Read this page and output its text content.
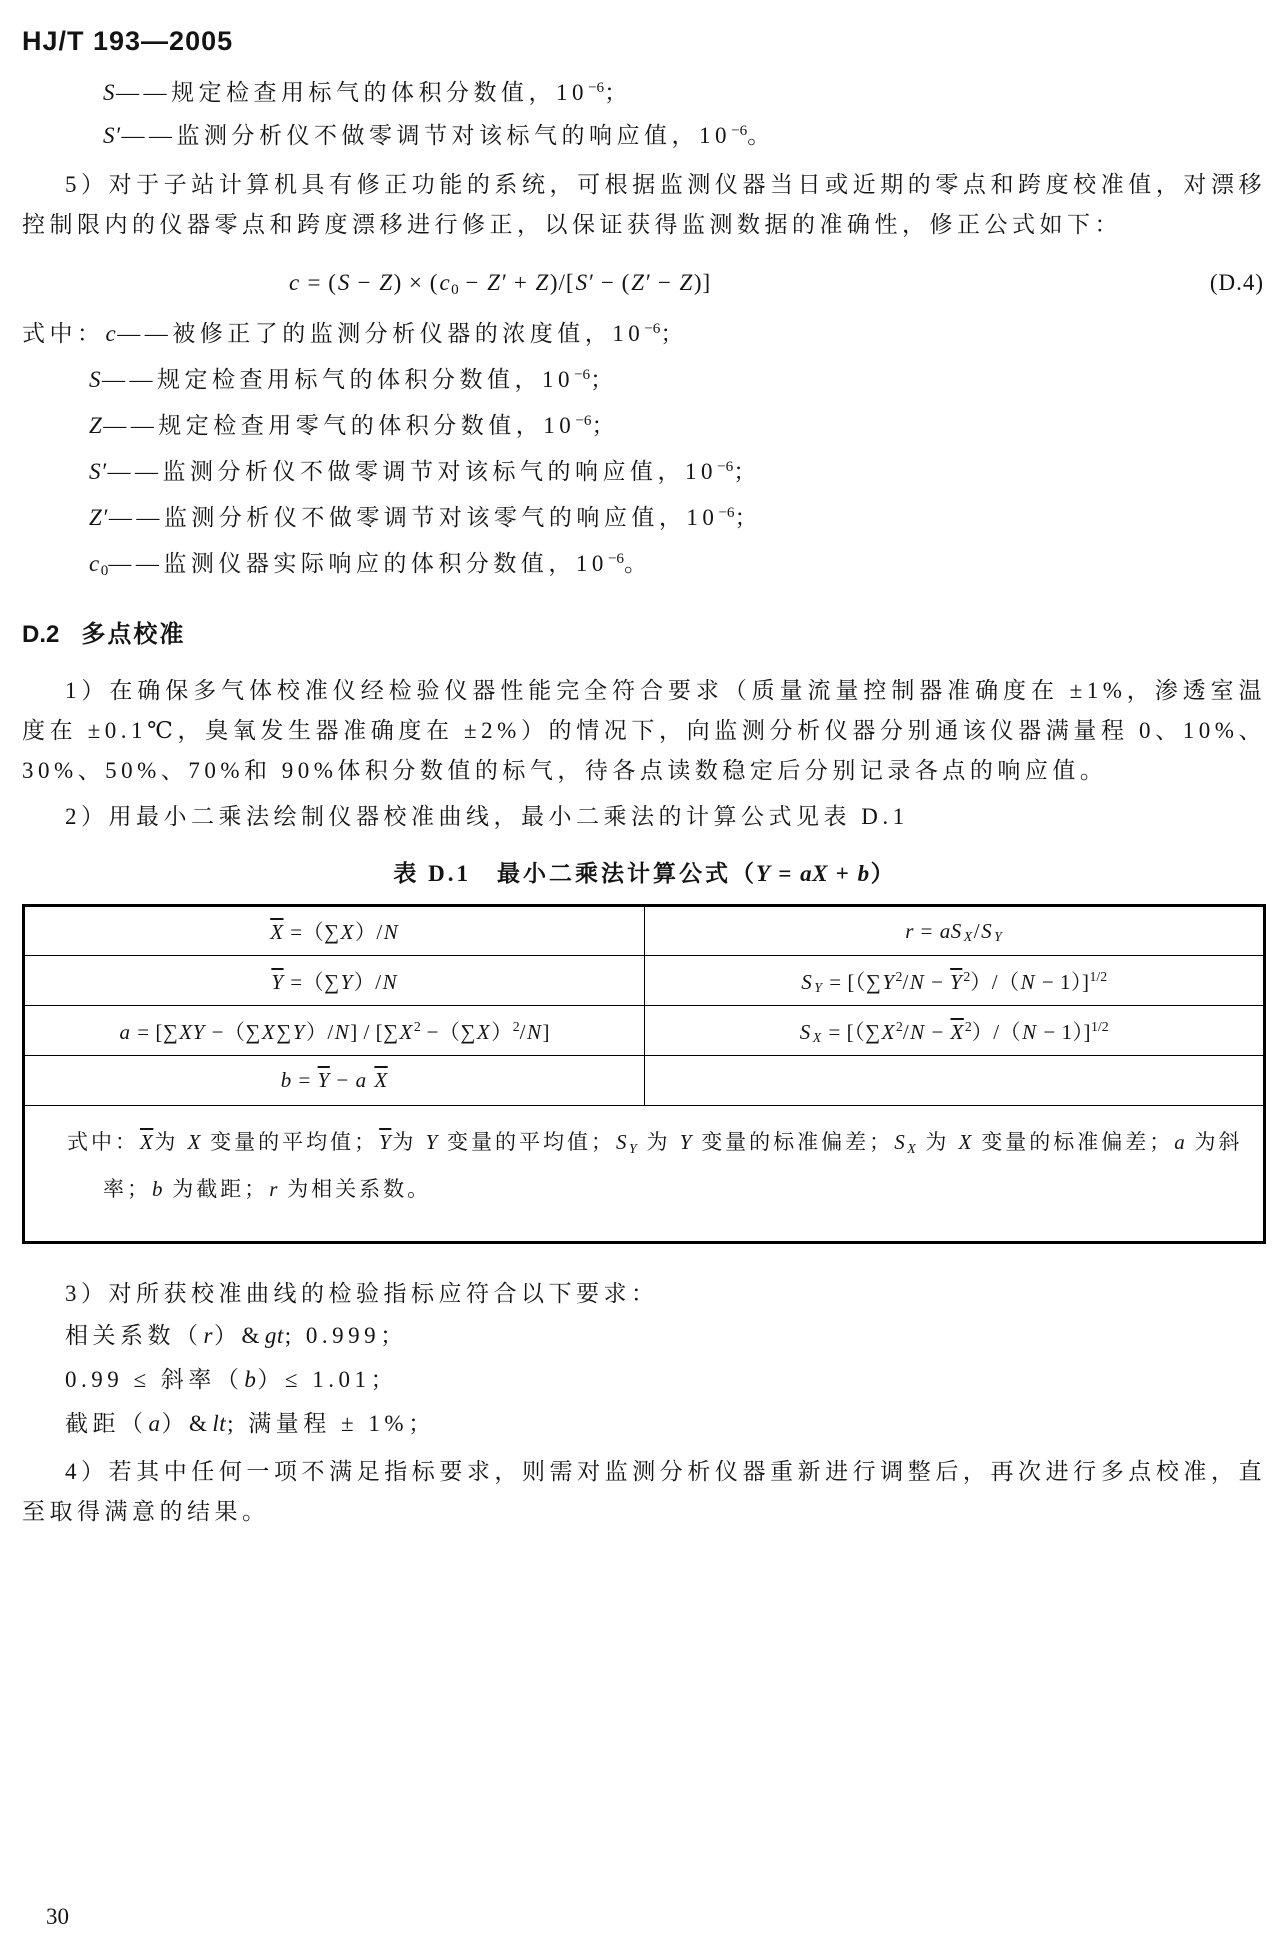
HJ/T 193—2005

S——规定检查用标气的体积分数值，$10^{-6}$；

S′——监测分析仪不做零调节对该标气的响应值，$10^{-6}$。

5）对于子站计算机具有修正功能的系统，可根据监测仪器当日或近期的零点和跨度校准值，对漂移控制限内的仪器零点和跨度漂移进行修正，以保证获得监测数据的准确性，修正公式如下：

$c = (S - Z) \times (c_0 - Z' + Z)/[S' - (Z' - Z)]$	(D.4)

式中：c——被修正了的监测分析仪器的浓度值，$10^{-6}$；

S——规定检查用标气的体积分数值，$10^{-6}$；

Z——规定检查用零气的体积分数值，$10^{-6}$；

S′——监测分析仪不做零调节对该标气的响应值，$10^{-6}$；

Z′——监测分析仪不做零调节对该零气的响应值，$10^{-6}$；

$c_0——$监测仪器实际响应的体积分数值，$10^{-6}$。

D.2 多点校准

1）在确保多气体校准仪经检验仪器性能完全符合要求（质量流量控制器准确度在 ±1%，渗透室温度在 ±0.1℃，臭氧发生器准确度在 ±2%）的情况下，向监测分析仪器分别通该仪器满量程 0、10%、30%、50%、70%和 90%体积分数值的标气，待各点读数稳定后分别记录各点的响应值。

2）用最小二乘法绘制仪器校准曲线，最小二乘法的计算公式见表 D.1

表 D.1　最小二乘法计算公式（Y = aX + b）
$\overline{X} =(\sum X)/N$	r = aS $_X$/S $_Y$
$\overline{Y} =(\sum Y)/N$	S $_Y = [(\sum Y^2/N - \overline{Y}^2)/(N - 1)]^{1/2}$
$a = [\sum XY -(\sum X\sum Y)/N] / [\sum X^2 -(\sum X)^2/N]$	S $_X = [(\sum X^2/N - \overline{X}^2)/(N - 1)]^{1/2}$
$b = \overline{Y} - a$ $\overline{X}$	
式中：$\overline{X}$为 X 变量的平均值；$\overline{Y}$为 Y 变量的平均值；S $_Y$ 为 Y 变量的标准偏差；S $_X$ 为 X 变量的标准偏差；a 为斜率；b 为截距；r 为相关系数。	

3）对所获校准曲线的检验指标应符合以下要求：

相关系数（r）&gt; 0.999；

0.99 ≤ 斜率（b）≤ 1.01；

截距（a）&lt; 满量程 ± 1%；

4）若其中任何一项不满足指标要求，则需对监测分析仪器重新进行调整后，再次进行多点校准，直至取得满意的结果。

30
